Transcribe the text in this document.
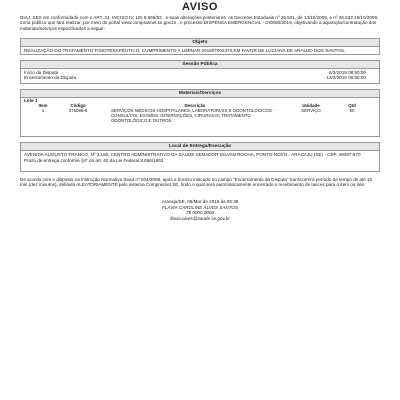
AVISO

DIAJ, SES em conformidade com o ART. 24, INCISO IV, LEI 8.666/93 , e suas alterações posteriores, os Decretos Estaduais nº 26.531, de 14/10/2009, e nº 26.533 15/10/2009, torna público que fará realizar, por meio do portal www.comprasnet.se.gov.br , o processo DISPENSA EMERGENCIAL - DI0080/2019, objetivando a aquisição/contratação dos materiais/serviços especificados a seguir:

Objeto
REALIZAÇÃO DO TRATAMENTO FISIOTERAPÊUTICO, CUMPRIMENTO A LIMINAR 201807002370,EM FAVOR DE LUCIANA DE ARAUJO DOS SANTOS.
Sessão Pública
Início da Disputa	6/3/2019 08:50:00
Encerramento da Disputa	13/3/2019 08:50:00
Materiais/Serviços
Lote 1
Item	Código	Descrição	Unidade	Qtd
1	375086-8	SERVIÇOS MÉDICOS HOSPITALARES, LABORATORIAIS E ODONTOLÓGICOS - CONSULTAS, EXAMES, INTERNAÇÕES, CIRURGIAS, TRATAMENTO ODONTOLÓGICO E OUTROS.	SERVIÇO	90
Local de Entrega/Execução
AVENIDA AUGUSTO FRANCO, Nº 3.150, CENTRO ADMINISTRATIVO DA SAÚDE SENADOR GILVAN ROCHA, PONTO NOVO - ARACAJU (SE) - CEP. 49097-670
Prazo de entrega conforme §4º do art. 40 da Lei Federal 8.666/1993.

De acordo com o disposto na Instrução Normativa Sead nº 004/2008, após o horário indicado no campo "Encerramento da Disputa" transcorrerá período de tempo de até 10 min (dez minutos), definido ALEATORIAMENTE pelo sistema Comprasnet.SE, findo o qual será automaticamente encerrado o recebimento de lances para o item ou lote.

Aracaju/SE, 06/Mar de 2019 às 08:38
FLÁVIA CAROLINE ALVES SANTOS
79 0000 0000
flavia.alves@saude.se.gov.br
